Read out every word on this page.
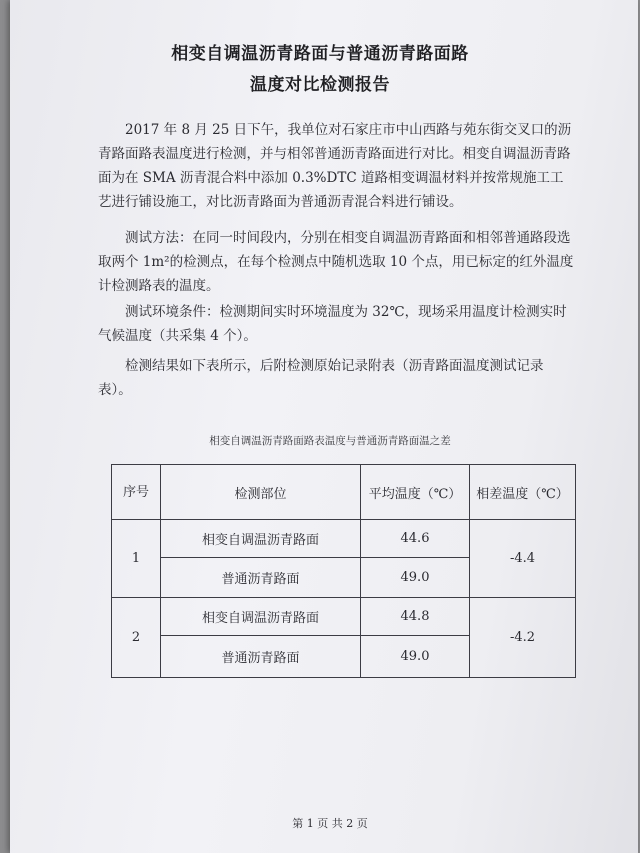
相变自调温沥青路面与普通沥青路面路
温度对比检测报告

2017 年 8 月 25 日下午，我单位对石家庄市中山西路与苑东街交叉口的沥青路面路表温度进行检测，并与相邻普通沥青路面进行对比。相变自调温沥青路面为在 SMA 沥青混合料中添加 0.3%DTC 道路相变调温材料并按常规施工工艺进行铺设施工，对比沥青路面为普通沥青混合料进行铺设。

测试方法：在同一时间段内，分别在相变自调温沥青路面和相邻普通路段选取两个 1m²的检测点，在每个检测点中随机选取 10 个点，用已标定的红外温度计检测路表的温度。

测试环境条件：检测期间实时环境温度为 32℃，现场采用温度计检测实时气候温度（共采集 4 个）。

检测结果如下表所示，后附检测原始记录附表（沥青路面温度测试记录表）。

相变自调温沥青路面路表温度与普通沥青路面温之差
序号	检测部位	平均温度（℃）	相差温度（℃）
1	相变自调温沥青路面	44.6	-4.4
	普通沥青路面	49.0	
2	相变自调温沥青路面	44.8	-4.2
	普通沥青路面	49.0	
第 1 页 共 2 页
